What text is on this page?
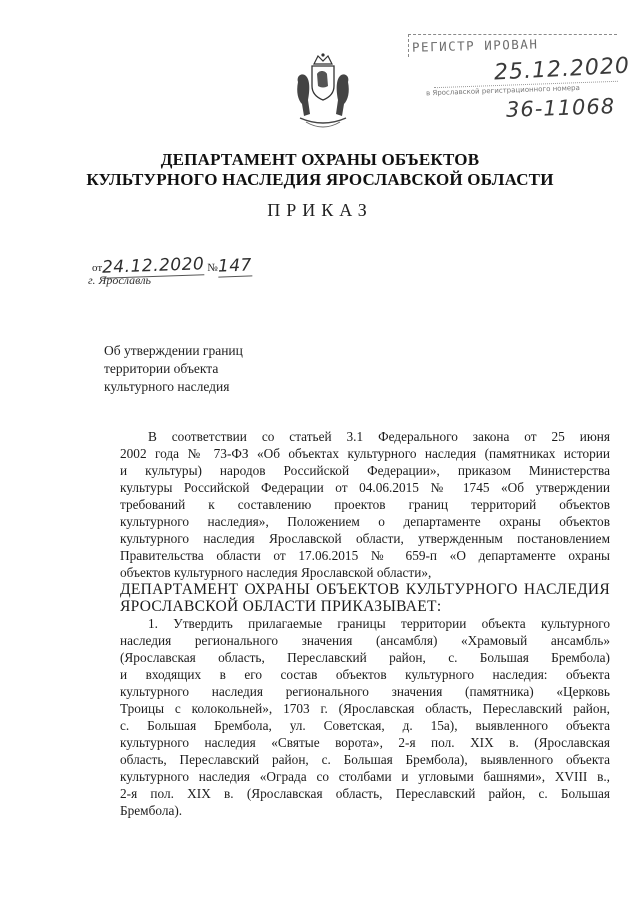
РЕГИСТР ИРОВАН
25.12.2020
в Ярославской регистрационного номера
36-11068
ДЕПАРТАМЕНТ ОХРАНЫ ОБЪЕКТОВ
КУЛЬТУРНОГО НАСЛЕДИЯ ЯРОСЛАВСКОЙ ОБЛАСТИ
ПРИКАЗ
от24.12.2020 №147
г. Ярославль
Об утверждении границ
территории объекта
культурного наследия
В соответствии со статьей 3.1 Федерального закона от 25 июня
2002 года № 73-ФЗ «Об объектах культурного наследия (памятниках истории
и культуры) народов Российской Федерации», приказом Министерства
культуры Российской Федерации от 04.06.2015 № 1745 «Об утверждении
требований к составлению проектов границ территорий объектов
культурного наследия», Положением о департаменте охраны объектов
культурного наследия Ярославской области, утвержденным постановлением
Правительства области от 17.06.2015 № 659-п «О департаменте охраны
объектов культурного наследия Ярославской области»,
ДЕПАРТАМЕНТ ОХРАНЫ ОБЪЕКТОВ КУЛЬТУРНОГО НАСЛЕДИЯ
ЯРОСЛАВСКОЙ ОБЛАСТИ ПРИКАЗЫВАЕТ:
1. Утвердить прилагаемые границы территории объекта культурного
наследия регионального значения (ансамбля) «Храмовый ансамбль»
(Ярославская область, Переславский район, с. Большая Брембола)
и входящих в его состав объектов культурного наследия: объекта
культурного наследия регионального значения (памятника) «Церковь
Троицы с колокольней», 1703 г. (Ярославская область, Переславский район,
с. Большая Брембола, ул. Советская, д. 15а), выявленного объекта
культурного наследия «Святые ворота», 2-я пол. XIX в. (Ярославская
область, Переславский район, с. Большая Брембола), выявленного объекта
культурного наследия «Ограда со столбами и угловыми башнями», XVIII в.,
2-я пол. XIX в. (Ярославская область, Переславский район, с. Большая
Брембола).
